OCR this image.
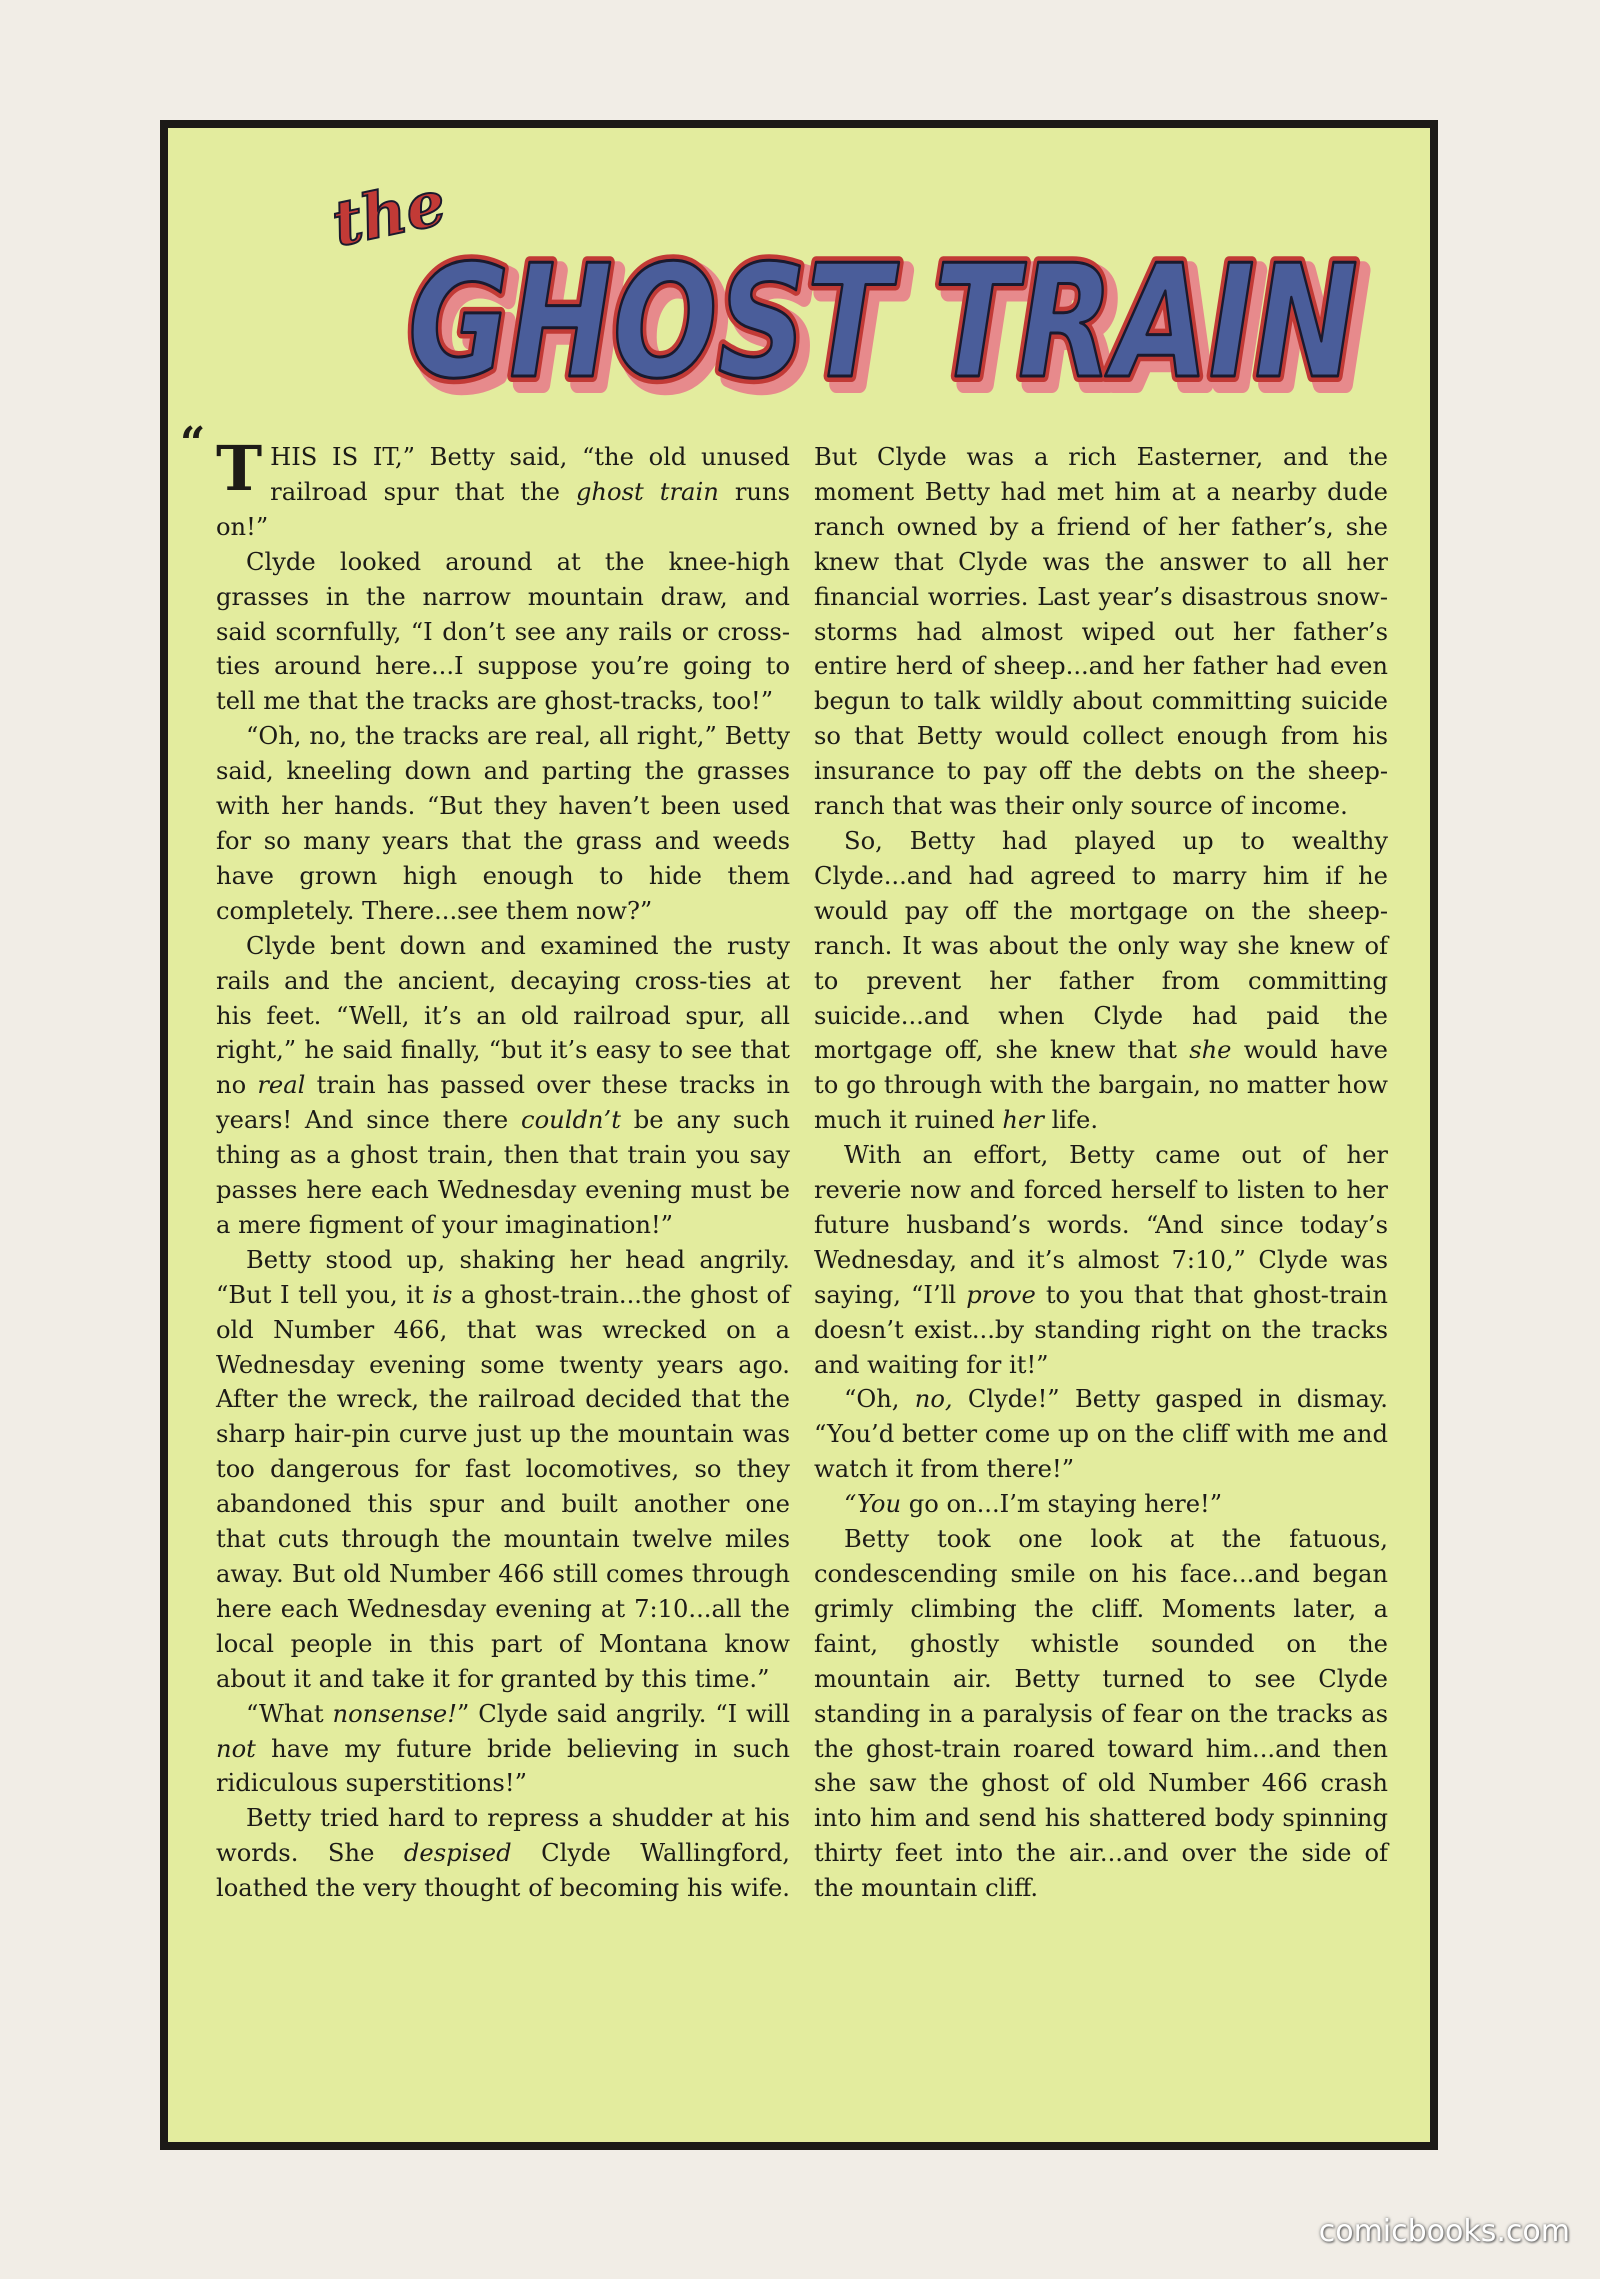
the
GHOST TRAIN
GHOST TRAIN
GHOST TRAIN
“ THIS IS IT,” Betty said, “the old unused railroad spur that the ghost train runs on!”

Clyde looked around at the knee-high grasses in the narrow mountain draw, and said scornfully, “I don’t see any rails or cross-ties around here...I suppose you’re going to tell me that the tracks are ghost-tracks, too!”

“Oh, no, the tracks are real, all right,” Betty said, kneeling down and parting the grasses with her hands. “But they haven’t been used for so many years that the grass and weeds have grown high enough to hide them completely. There...see them now?”

Clyde bent down and examined the rusty rails and the ancient, decaying cross-ties at his feet. “Well, it’s an old railroad spur, all right,” he said finally, “but it’s easy to see that no real train has passed over these tracks in years! And since there couldn’t be any such thing as a ghost train, then that train you say passes here each Wednesday evening must be a mere figment of your imagination!”

Betty stood up, shaking her head angrily. “But I tell you, it is a ghost-train...the ghost of old Number 466, that was wrecked on a Wednesday evening some twenty years ago. After the wreck, the railroad decided that the sharp hair-pin curve just up the mountain was too dangerous for fast locomotives, so they abandoned this spur and built another one that cuts through the mountain twelve miles away. But old Number 466 still comes through here each Wednesday evening at 7:10...all the local people in this part of Montana know about it and take it for granted by this time.”

“What nonsense!” Clyde said angrily. “I will not have my future bride believing in such ridiculous superstitions!”

Betty tried hard to repress a shudder at his words. She despised Clyde Wallingford, loathed the very thought of becoming his wife. But Clyde was a rich Easterner, and the moment Betty had met him at a nearby dude ranch owned by a friend of her father’s, she knew that Clyde was the answer to all her financial worries. Last year’s disastrous snow-storms had almost wiped out her father’s entire herd of sheep...and her father had even begun to talk wildly about committing suicide so that Betty would collect enough from his insurance to pay off the debts on the sheep-ranch that was their only source of income.

So, Betty had played up to wealthy Clyde...and had agreed to marry him if he would pay off the mortgage on the sheep-ranch. It was about the only way she knew of to prevent her father from committing suicide...and when Clyde had paid the mortgage off, she knew that she would have to go through with the bargain, no matter how much it ruined her life.

With an effort, Betty came out of her reverie now and forced herself to listen to her future husband’s words. “And since today’s Wednesday, and it’s almost 7:10,” Clyde was saying, “I’ll prove to you that that ghost-train doesn’t exist...by standing right on the tracks and waiting for it!”

“Oh, no, Clyde!” Betty gasped in dismay. “You’d better come up on the cliff with me and watch it from there!”

“You go on...I’m staying here!”

Betty took one look at the fatuous, condescending smile on his face...and began grimly climbing the cliff. Moments later, a faint, ghostly whistle sounded on the mountain air. Betty turned to see Clyde standing in a paralysis of fear on the tracks as the ghost-train roared toward him...and then she saw the ghost of old Number 466 crash into him and send his shattered body spinning thirty feet into the air...and over the side of the mountain cliff.

comicbooks.com
